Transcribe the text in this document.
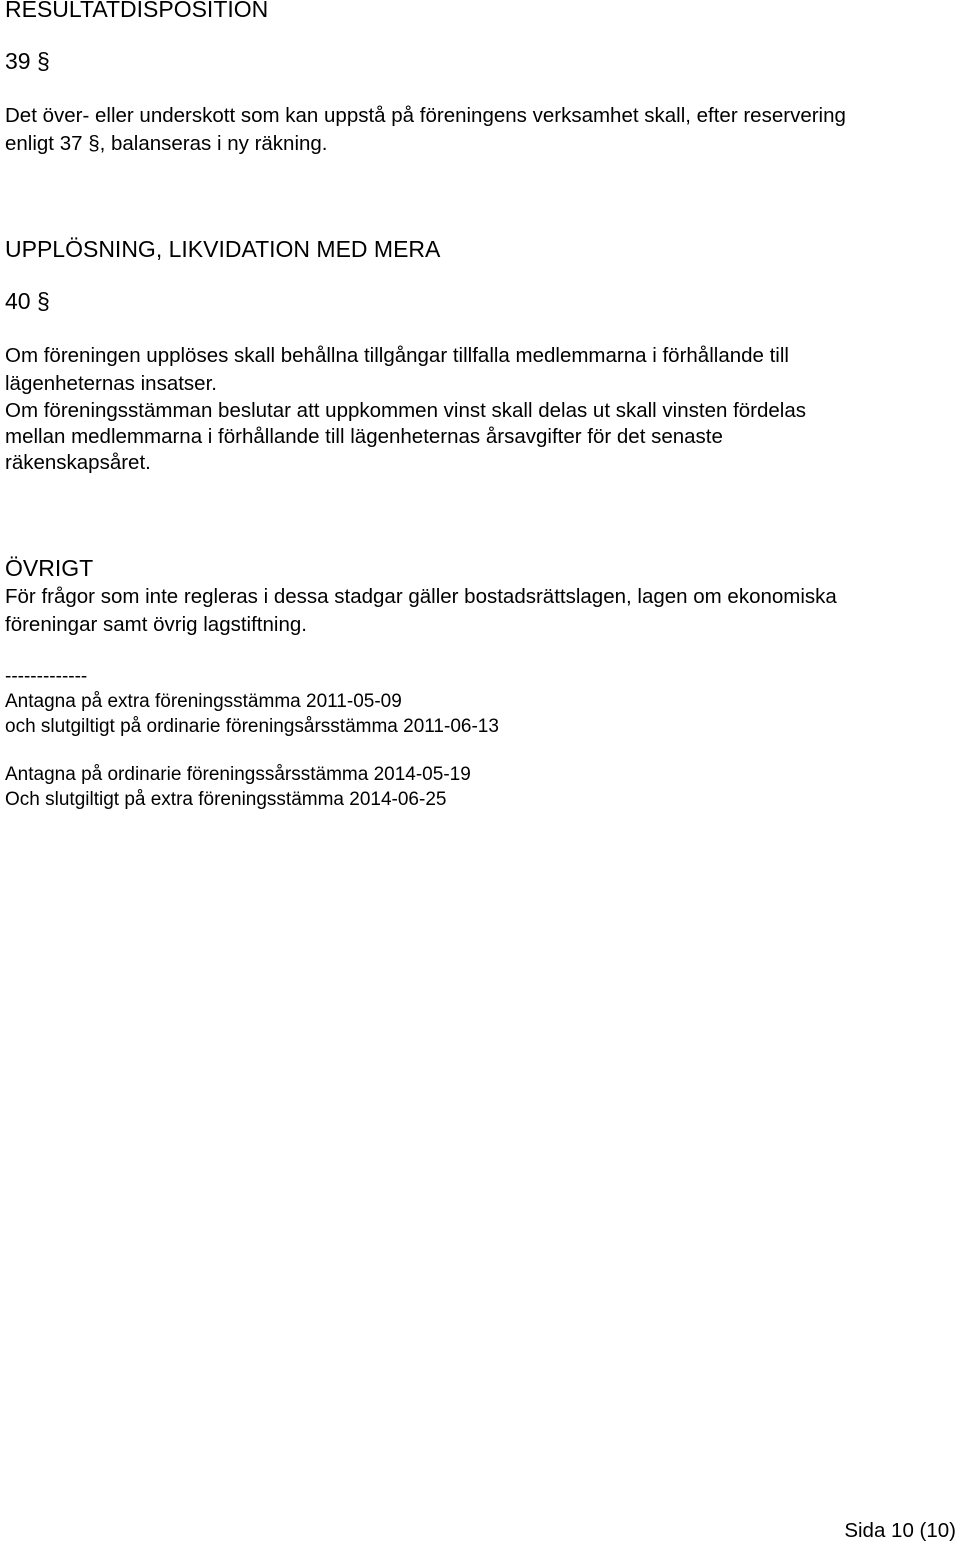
RESULTATDISPOSITION
39 §
Det över- eller underskott som kan uppstå på föreningens verksamhet skall, efter reservering
enligt 37 §, balanseras i ny räkning.
UPPLÖSNING, LIKVIDATION MED MERA
40 §
Om föreningen upplöses skall behållna tillgångar tillfalla medlemmarna i förhållande till
lägenheternas insatser.
Om föreningsstämman beslutar att uppkommen vinst skall delas ut skall vinsten fördelas
mellan medlemmarna i förhållande till lägenheternas årsavgifter för det senaste
räkenskapsåret.
ÖVRIGT
För frågor som inte regleras i dessa stadgar gäller bostadsrättslagen, lagen om ekonomiska
föreningar samt övrig lagstiftning.
-------------
Antagna på extra föreningsstämma 2011-05-09
och slutgiltigt på ordinarie föreningsårsstämma 2011-06-13
Antagna på ordinarie föreningssårsstämma 2014-05-19
Och slutgiltigt på extra föreningsstämma 2014-06-25
Sida 10 (10)
